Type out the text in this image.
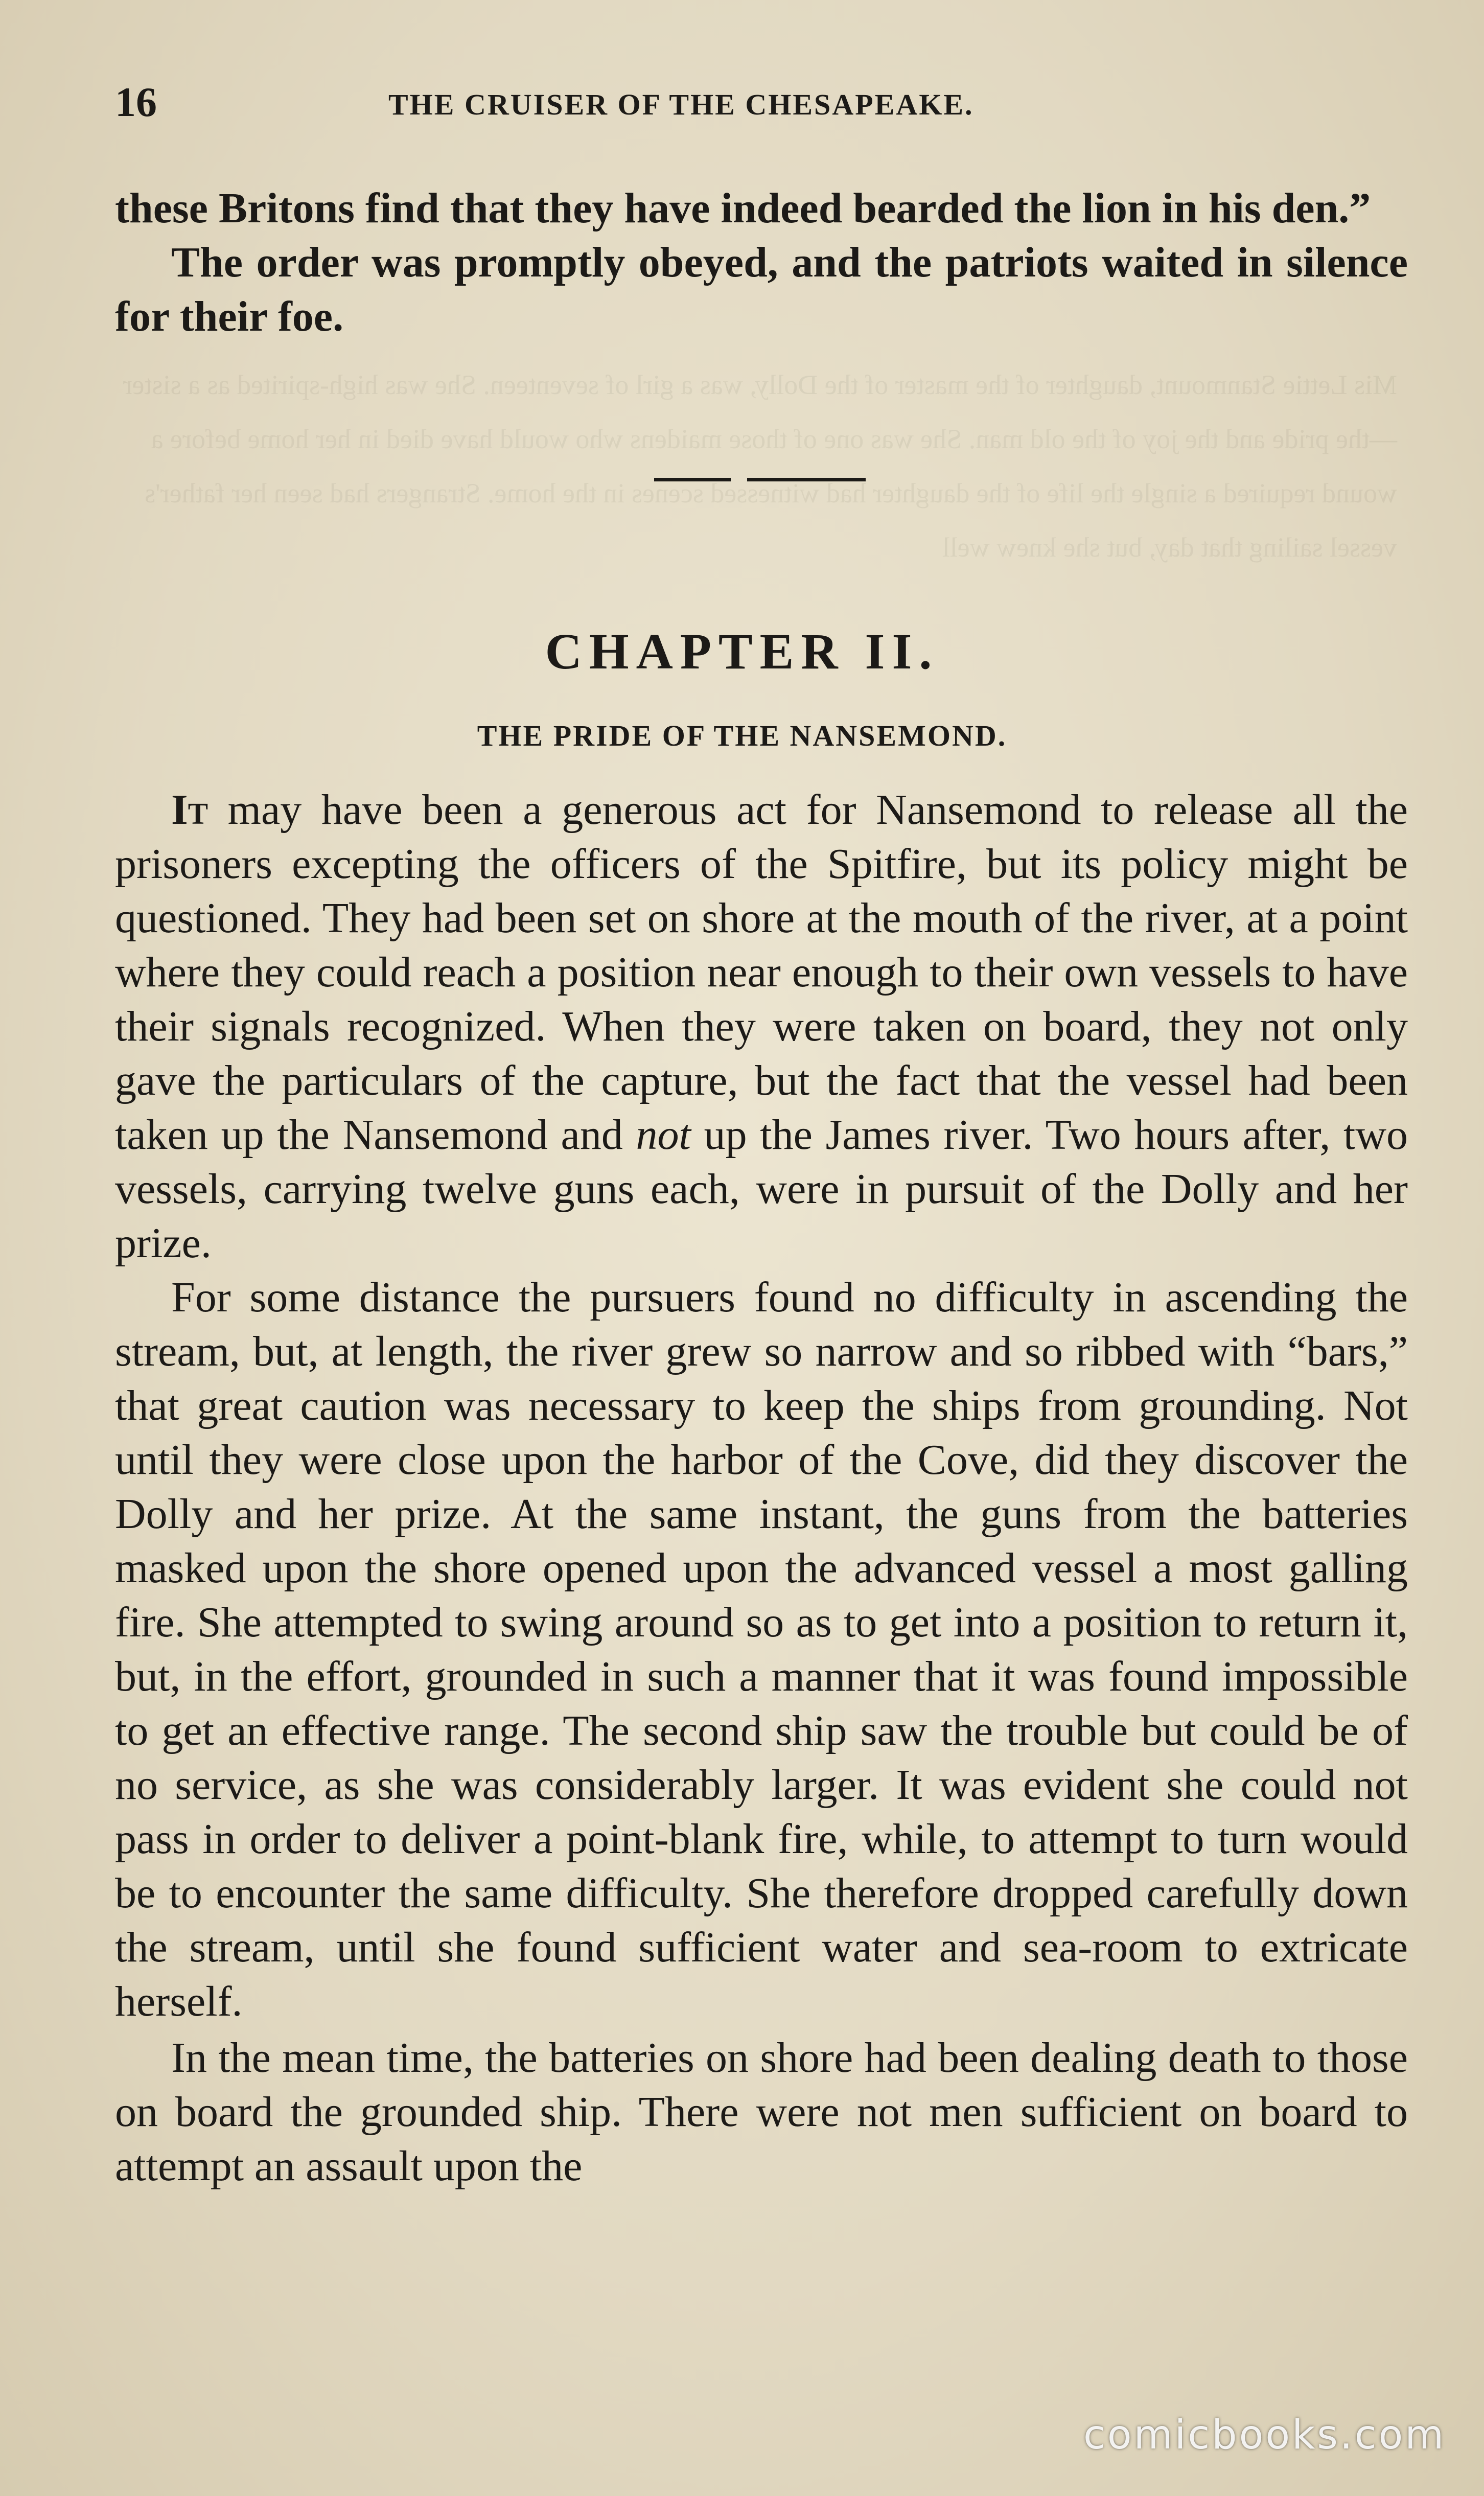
Mis Lettie Stanmount, daughter of the master of the Dolly, was a girl of seventeen. She was high-spirited as a sister—the pride and the joy of the old man. She was one of those maidens who would have died in her home before a wound required a single the life of the daughter had witnessed scenes in the home. Strangers had seen her father's vessel sailing that day, but she knew well
16	THE CRUISER OF THE CHESAPEAKE.

these Britons find that they have indeed bearded the lion in his den.”

The order was promptly obeyed, and the patriots waited in silence for their foe.

CHAPTER II.
THE PRIDE OF THE NANSEMOND.

It may have been a generous act for Nansemond to release all the prisoners excepting the officers of the Spitfire, but its policy might be questioned. They had been set on shore at the mouth of the river, at a point where they could reach a position near enough to their own vessels to have their signals recognized. When they were taken on board, they not only gave the particulars of the capture, but the fact that the vessel had been taken up the Nansemond and not up the James river. Two hours after, two vessels, carrying twelve guns each, were in pursuit of the Dolly and her prize.

For some distance the pursuers found no difficulty in ascending the stream, but, at length, the river grew so narrow and so ribbed with “bars,” that great caution was necessary to keep the ships from grounding. Not until they were close upon the harbor of the Cove, did they discover the Dolly and her prize. At the same instant, the guns from the batteries masked upon the shore opened upon the advanced vessel a most galling fire. She attempted to swing around so as to get into a position to return it, but, in the effort, grounded in such a manner that it was found impossible to get an effective range. The second ship saw the trouble but could be of no service, as she was considerably larger. It was evident she could not pass in order to deliver a point-blank fire, while, to attempt to turn would be to encounter the same difficulty. She therefore dropped carefully down the stream, until she found sufficient water and sea-room to extricate herself.

In the mean time, the batteries on shore had been dealing death to those on board the grounded ship. There were not men sufficient on board to attempt an assault upon the

comicbooks.com
